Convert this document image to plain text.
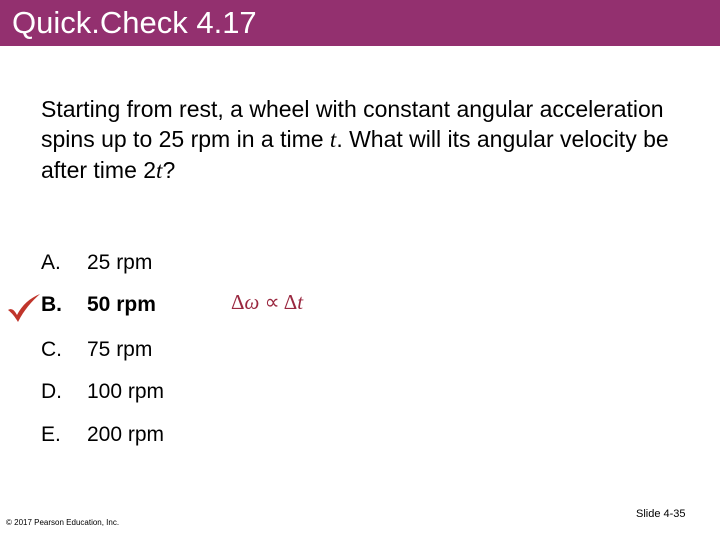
Quick.Check 4.17
Starting from rest, a wheel with constant angular acceleration spins up to 25 rpm in a time t. What will its angular velocity be after time 2t?
A. 25 rpm
B. 50 rpm	Δω ∝ Δt
C. 75 rpm
D. 100 rpm
E. 200 rpm
© 2017 Pearson Education, Inc.
Slide 4-35
